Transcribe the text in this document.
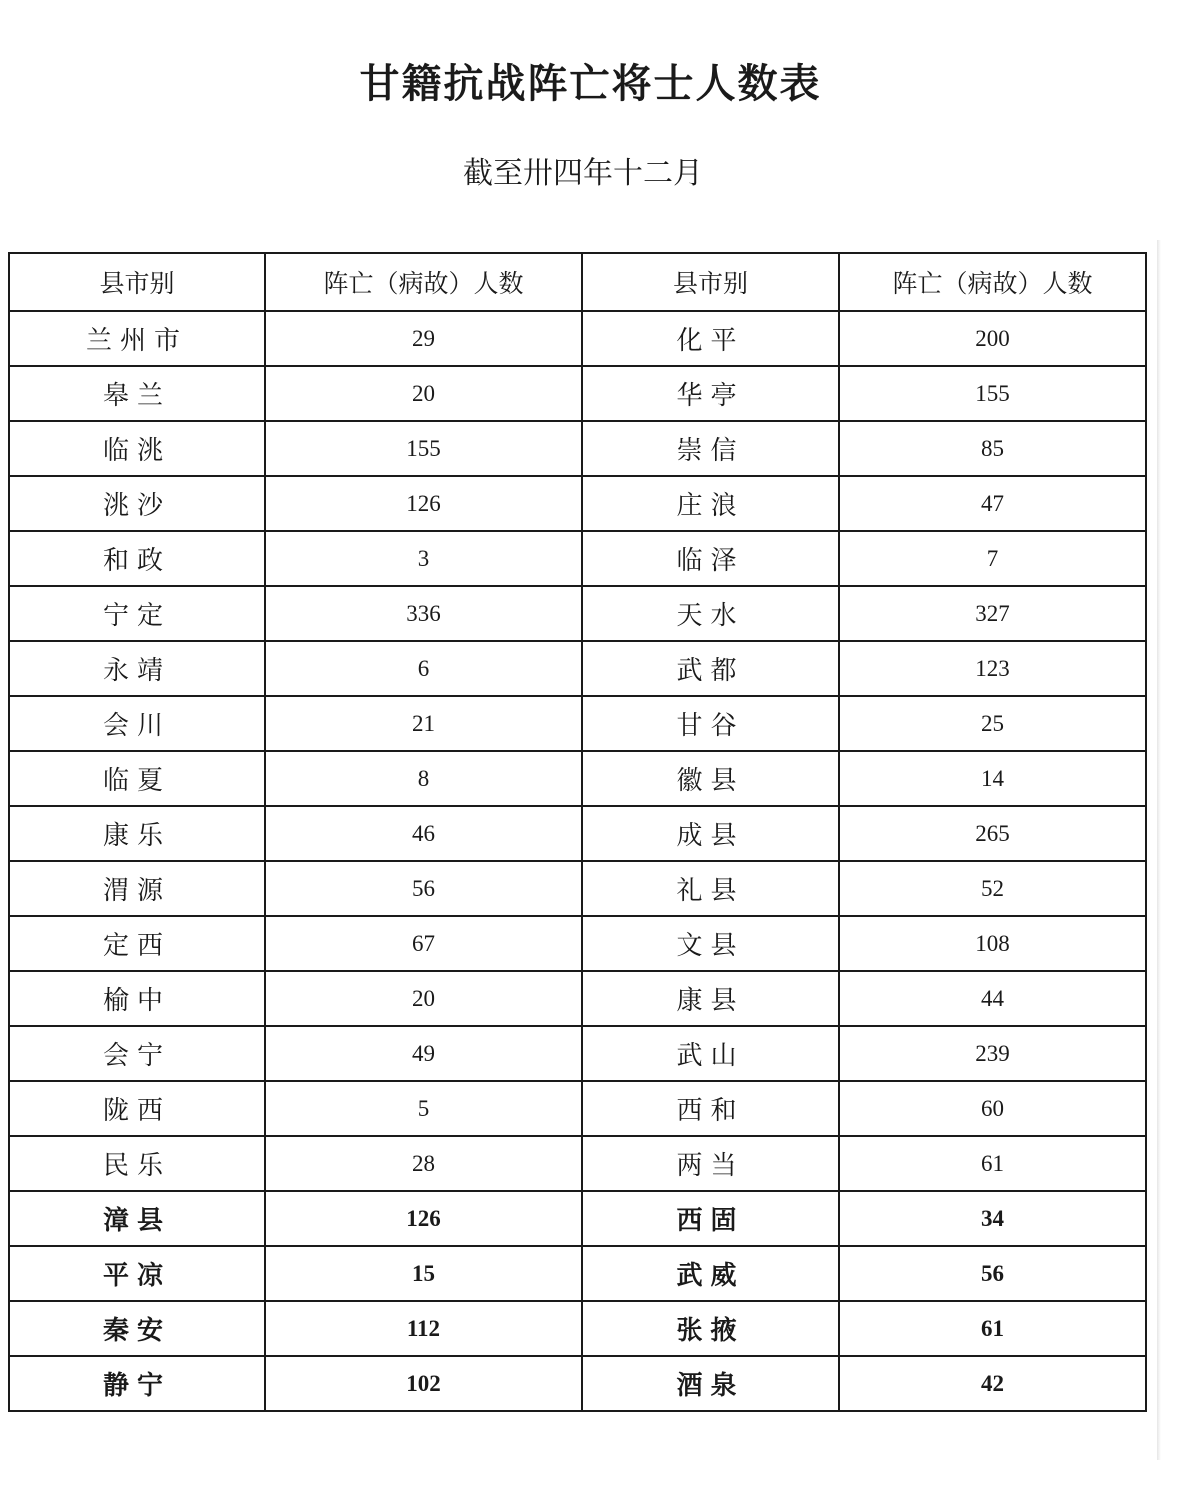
甘籍抗战阵亡将士人数表
截至卅四年十二月
县市别	阵亡（病故）人数	县市别	阵亡（病故）人数
兰州市	29	化平	200
皋兰	20	华亭	155
临洮	155	崇信	85
洮沙	126	庄浪	47
和政	3	临泽	7
宁定	336	天水	327
永靖	6	武都	123
会川	21	甘谷	25
临夏	8	徽县	14
康乐	46	成县	265
渭源	56	礼县	52
定西	67	文县	108
榆中	20	康县	44
会宁	49	武山	239
陇西	5	西和	60
民乐	28	两当	61
漳县	126	西固	34
平凉	15	武威	56
秦安	112	张掖	61
静宁	102	酒泉	42
